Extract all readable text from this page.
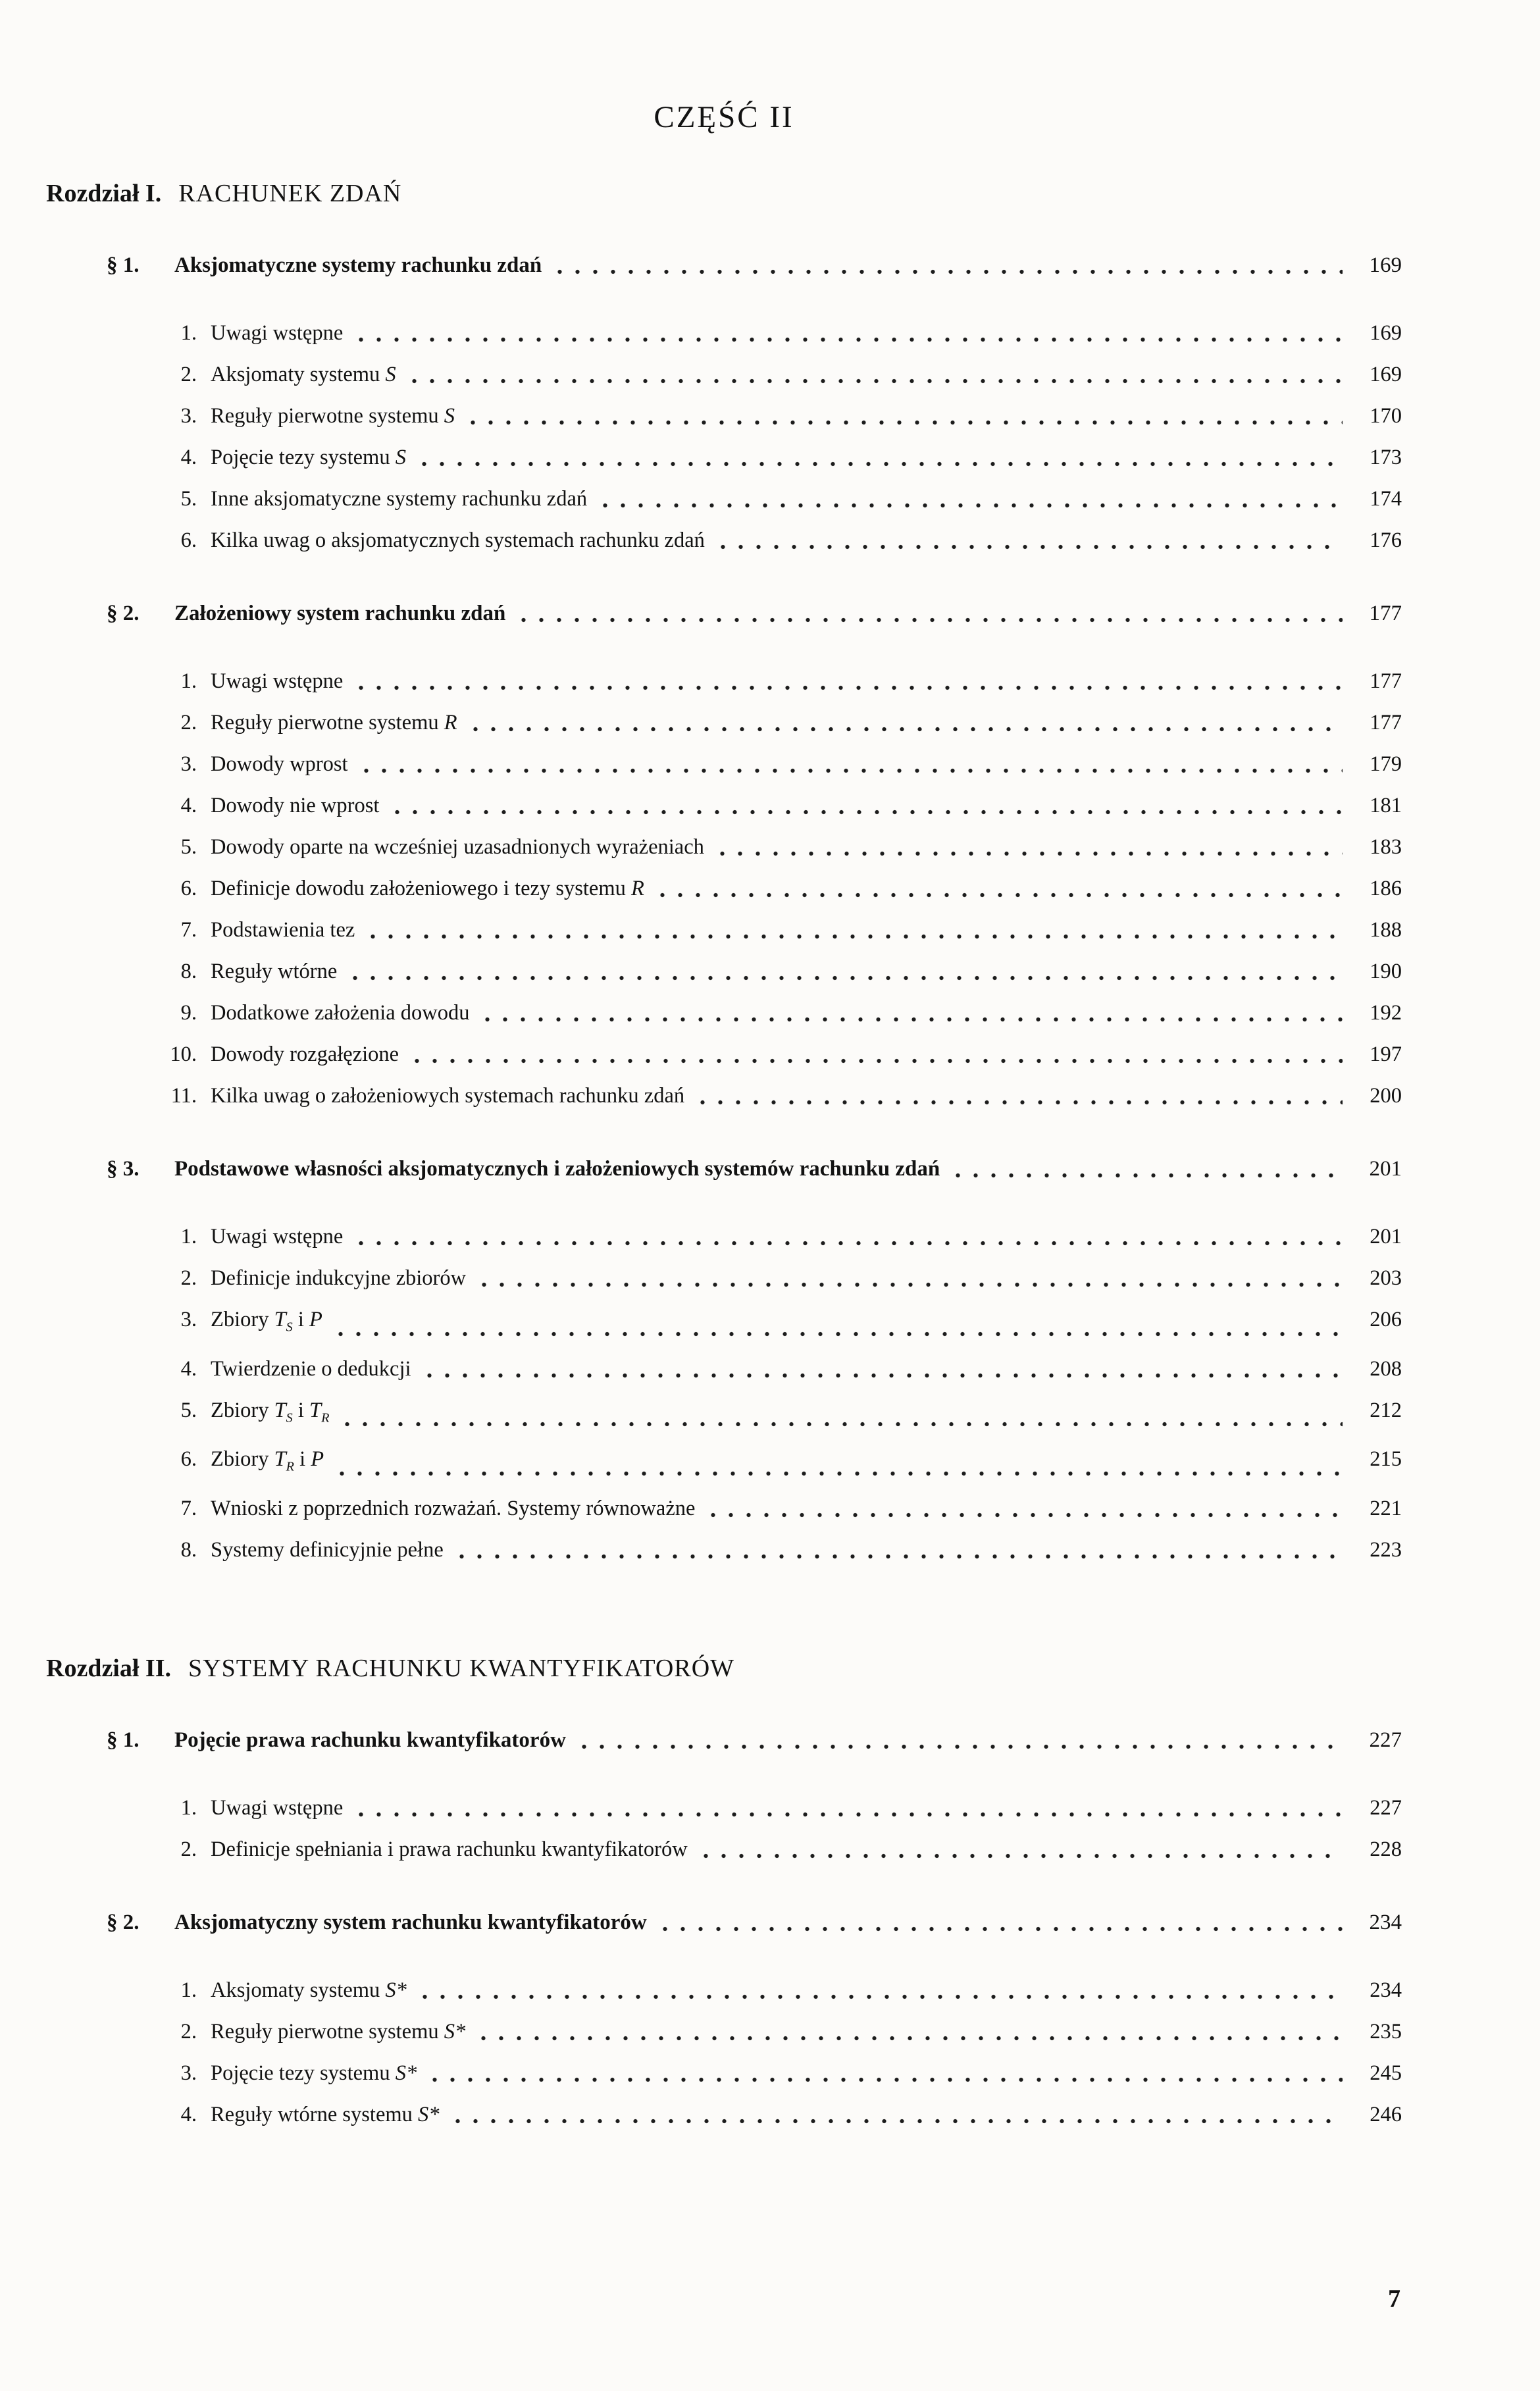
CZĘŚĆ II
Rozdział I. RACHUNEK ZDAŃ
§ 1.	Aksjomatyczne systemy rachunku zdań	169
1. Uwagi wstępne	169
2. Aksjomaty systemu S	169
3. Reguły pierwotne systemu S	170
4. Pojęcie tezy systemu S	173
5. Inne aksjomatyczne systemy rachunku zdań	174
6. Kilka uwag o aksjomatycznych systemach rachunku zdań	176
§ 2.	Założeniowy system rachunku zdań	177
1. Uwagi wstępne	177
2. Reguły pierwotne systemu R	177
3. Dowody wprost	179
4. Dowody nie wprost	181
5. Dowody oparte na wcześniej uzasadnionych wyrażeniach	183
6. Definicje dowodu założeniowego i tezy systemu R	186
7. Podstawienia tez	188
8. Reguły wtórne	190
9. Dodatkowe założenia dowodu	192
10. Dowody rozgałęzione	197
11. Kilka uwag o założeniowych systemach rachunku zdań	200
§ 3.	Podstawowe własności aksjomatycznych i założeniowych systemów rachunku zdań	201
1. Uwagi wstępne	201
2. Definicje indukcyjne zbiorów	203
3. Zbiory $T_S$ i P	206
4. Twierdzenie o dedukcji	208
5. Zbiory $T_S$ i $T_R$	212
6. Zbiory $T_R$ i P	215
7. Wnioski z poprzednich rozważań. Systemy równoważne	221
8. Systemy definicyjnie pełne	223
Rozdział II. SYSTEMY RACHUNKU KWANTYFIKATORÓW
§ 1.	Pojęcie prawa rachunku kwantyfikatorów	227
1. Uwagi wstępne	227
2. Definicje spełniania i prawa rachunku kwantyfikatorów	228
§ 2.	Aksjomatyczny system rachunku kwantyfikatorów	234
1. Aksjomaty systemu S*	234
2. Reguły pierwotne systemu S*	235
3. Pojęcie tezy systemu S*	245
4. Reguły wtórne systemu S*	246
7
